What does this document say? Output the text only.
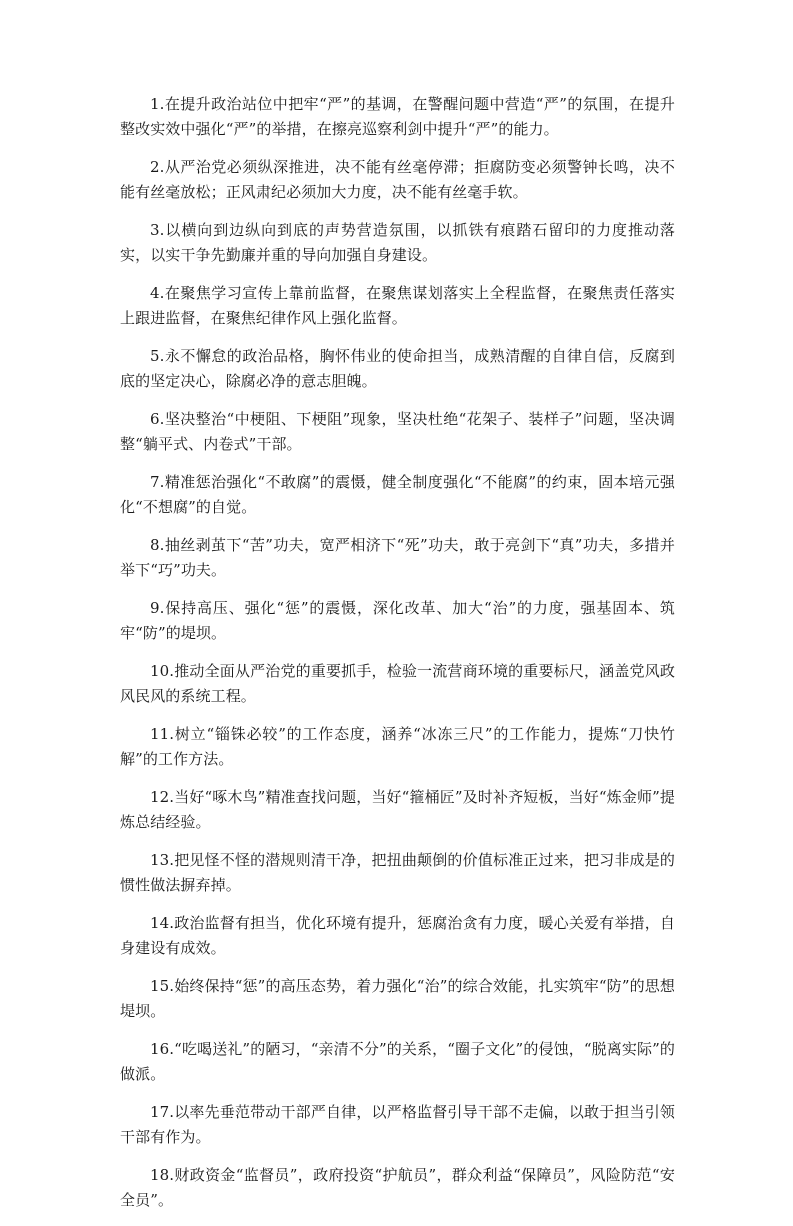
1.在提升政治站位中把牢“严”的基调，在警醒问题中营造“严”的氛围，在提升整改实效中强化“严”的举措，在擦亮巡察利剑中提升“严”的能力。

2.从严治党必须纵深推进，决不能有丝毫停滞；拒腐防变必须警钟长鸣，决不能有丝毫放松；正风肃纪必须加大力度，决不能有丝毫手软。

3.以横向到边纵向到底的声势营造氛围，以抓铁有痕踏石留印的力度推动落实，以实干争先勤廉并重的导向加强自身建设。

4.在聚焦学习宣传上靠前监督，在聚焦谋划落实上全程监督，在聚焦责任落实上跟进监督，在聚焦纪律作风上强化监督。

5.永不懈怠的政治品格，胸怀伟业的使命担当，成熟清醒的自律自信，反腐到底的坚定决心，除腐必净的意志胆魄。

6.坚决整治“中梗阻、下梗阻”现象，坚决杜绝“花架子、装样子”问题，坚决调整“躺平式、内卷式”干部。

7.精准惩治强化“不敢腐”的震慑，健全制度强化“不能腐”的约束，固本培元强化“不想腐”的自觉。

8.抽丝剥茧下“苦”功夫，宽严相济下“死”功夫，敢于亮剑下“真”功夫，多措并举下“巧”功夫。

9.保持高压、强化“惩”的震慑，深化改革、加大“治”的力度，强基固本、筑牢“防”的堤坝。

10.推动全面从严治党的重要抓手，检验一流营商环境的重要标尺，涵盖党风政风民风的系统工程。

11.树立“锱铢必较”的工作态度，涵养“冰冻三尺”的工作能力，提炼“刀快竹解”的工作方法。

12.当好“啄木鸟”精准查找问题，当好“箍桶匠”及时补齐短板，当好“炼金师”提炼总结经验。

13.把见怪不怪的潜规则清干净，把扭曲颠倒的价值标准正过来，把习非成是的惯性做法摒弃掉。

14.政治监督有担当，优化环境有提升，惩腐治贪有力度，暖心关爱有举措，自身建设有成效。

15.始终保持“惩”的高压态势，着力强化“治”的综合效能，扎实筑牢“防”的思想堤坝。

16.“吃喝送礼”的陋习，“亲清不分”的关系，“圈子文化”的侵蚀，“脱离实际”的做派。

17.以率先垂范带动干部严自律，以严格监督引导干部不走偏，以敢于担当引领干部有作为。

18.财政资金“监督员”，政府投资“护航员”，群众利益“保障员”，风险防范“安全员”。
